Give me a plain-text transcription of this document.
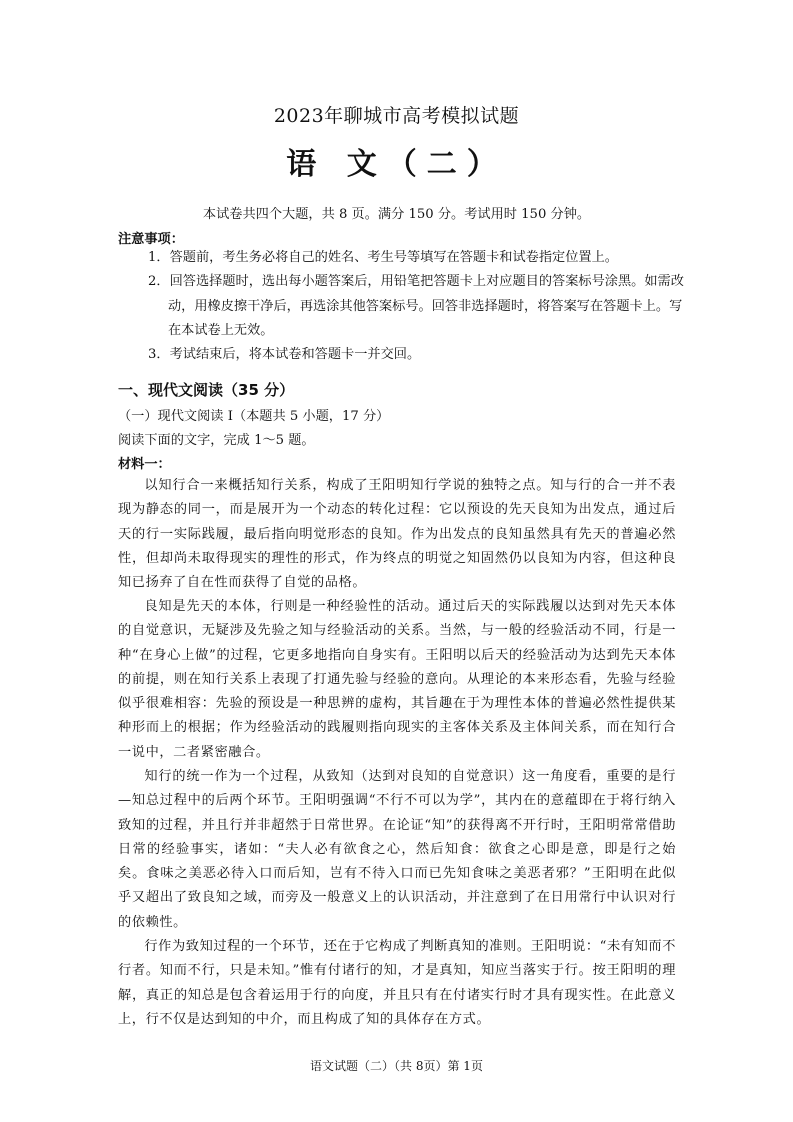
2023年聊城市高考模拟试题
语 文（二）
本试卷共四个大题，共 8 页。满分 150 分。考试用时 150 分钟。
注意事项：
1．答题前，考生务必将自己的姓名、考生号等填写在答题卡和试卷指定位置上。
2．回答选择题时，选出每小题答案后，用铅笔把答题卡上对应题目的答案标号涂黑。如需改动，用橡皮擦干净后，再选涂其他答案标号。回答非选择题时，将答案写在答题卡上。写在本试卷上无效。
3．考试结束后，将本试卷和答题卡一并交回。
一、现代文阅读（35 分）
（一）现代文阅读 I（本题共 5 小题，17 分）
阅读下面的文字，完成 1～5 题。
材料一：
以知行合一来概括知行关系，构成了王阳明知行学说的独特之点。知与行的合一并不表现为静态的同一，而是展开为一个动态的转化过程：它以预设的先天良知为出发点，通过后天的行一实际践履，最后指向明觉形态的良知。作为出发点的良知虽然具有先天的普遍必然性，但却尚未取得现实的理性的形式，作为终点的明觉之知固然仍以良知为内容，但这种良知已扬弃了自在性而获得了自觉的品格。
良知是先天的本体，行则是一种经验性的活动。通过后天的实际践履以达到对先天本体的自觉意识，无疑涉及先验之知与经验活动的关系。当然，与一般的经验活动不同，行是一种“在身心上做”的过程，它更多地指向自身实有。王阳明以后天的经验活动为达到先天本体的前提，则在知行关系上表现了打通先验与经验的意向。从理论的本来形态看，先验与经验似乎很难相容：先验的预设是一种思辨的虚构，其旨趣在于为理性本体的普遍必然性提供某种形而上的根据；作为经验活动的践履则指向现实的主客体关系及主体间关系，而在知行合一说中，二者紧密融合。
知行的统一作为一个过程，从致知（达到对良知的自觉意识）这一角度看，重要的是行—知总过程中的后两个环节。王阳明强调“不行不可以为学”，其内在的意蕴即在于将行纳入致知的过程，并且行并非超然于日常世界。在论证“知”的获得离不开行时，王阳明常常借助日常的经验事实，诸如：“夫人必有欲食之心，然后知食：欲食之心即是意，即是行之始矣。食味之美恶必待入口而后知，岂有不待入口而已先知食味之美恶者邪？”王阳明在此似乎又超出了致良知之域，而旁及一般意义上的认识活动，并注意到了在日用常行中认识对行的依赖性。
行作为致知过程的一个环节，还在于它构成了判断真知的准则。王阳明说：“未有知而不行者。知而不行，只是未知。”惟有付诸行的知，才是真知，知应当落实于行。按王阳明的理解，真正的知总是包含着运用于行的向度，并且只有在付诸实行时才具有现实性。在此意义上，行不仅是达到知的中介，而且构成了知的具体存在方式。
语文试题（二）（共 8页）第 1页
